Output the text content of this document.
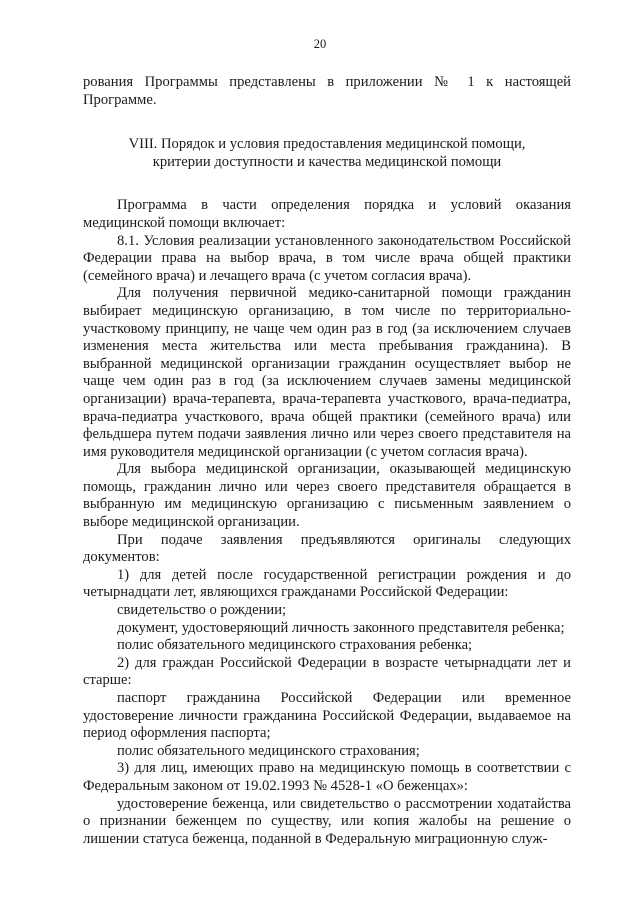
20

рования Программы представлены в приложении № 1 к настоящей Программе.

VIII. Порядок и условия предоставления медицинской помощи,
критерии доступности и качества медицинской помощи

Программа в части определения порядка и условий оказания медицинской помощи включает:

8.1. Условия реализации установленного законодательством Российской Федерации права на выбор врача, в том числе врача общей практики (семейного врача) и лечащего врача (с учетом согласия врача).

Для получения первичной медико-санитарной помощи гражданин выбирает медицинскую организацию, в том числе по территориально-участковому принципу, не чаще чем один раз в год (за исключением случаев изменения места жительства или места пребывания гражданина). В выбранной медицинской организации гражданин осуществляет выбор не чаще чем один раз в год (за исключением случаев замены медицинской организации) врача-терапевта, врача-терапевта участкового, врача-педиатра, врача-педиатра участкового, врача общей практики (семейного врача) или фельдшера путем подачи заявления лично или через своего представителя на имя руководителя медицинской организации (с учетом согласия врача).

Для выбора медицинской организации, оказывающей медицинскую помощь, гражданин лично или через своего представителя обращается в выбранную им медицинскую организацию с письменным заявлением о выборе медицинской организации.

При подаче заявления предъявляются оригиналы следующих документов:

1) для детей после государственной регистрации рождения и до четырнадцати лет, являющихся гражданами Российской Федерации:

свидетельство о рождении;

документ, удостоверяющий личность законного представителя ребенка;

полис обязательного медицинского страхования ребенка;

2) для граждан Российской Федерации в возрасте четырнадцати лет и старше:

паспорт гражданина Российской Федерации или временное удостоверение личности гражданина Российской Федерации, выдаваемое на период оформления паспорта;

полис обязательного медицинского страхования;

3) для лиц, имеющих право на медицинскую помощь в соответствии с Федеральным законом от 19.02.1993 № 4528-1 «О беженцах»:

удостоверение беженца, или свидетельство о рассмотрении ходатайства о признании беженцем по существу, или копия жалобы на решение о лишении статуса беженца, поданной в Федеральную миграционную служ-
